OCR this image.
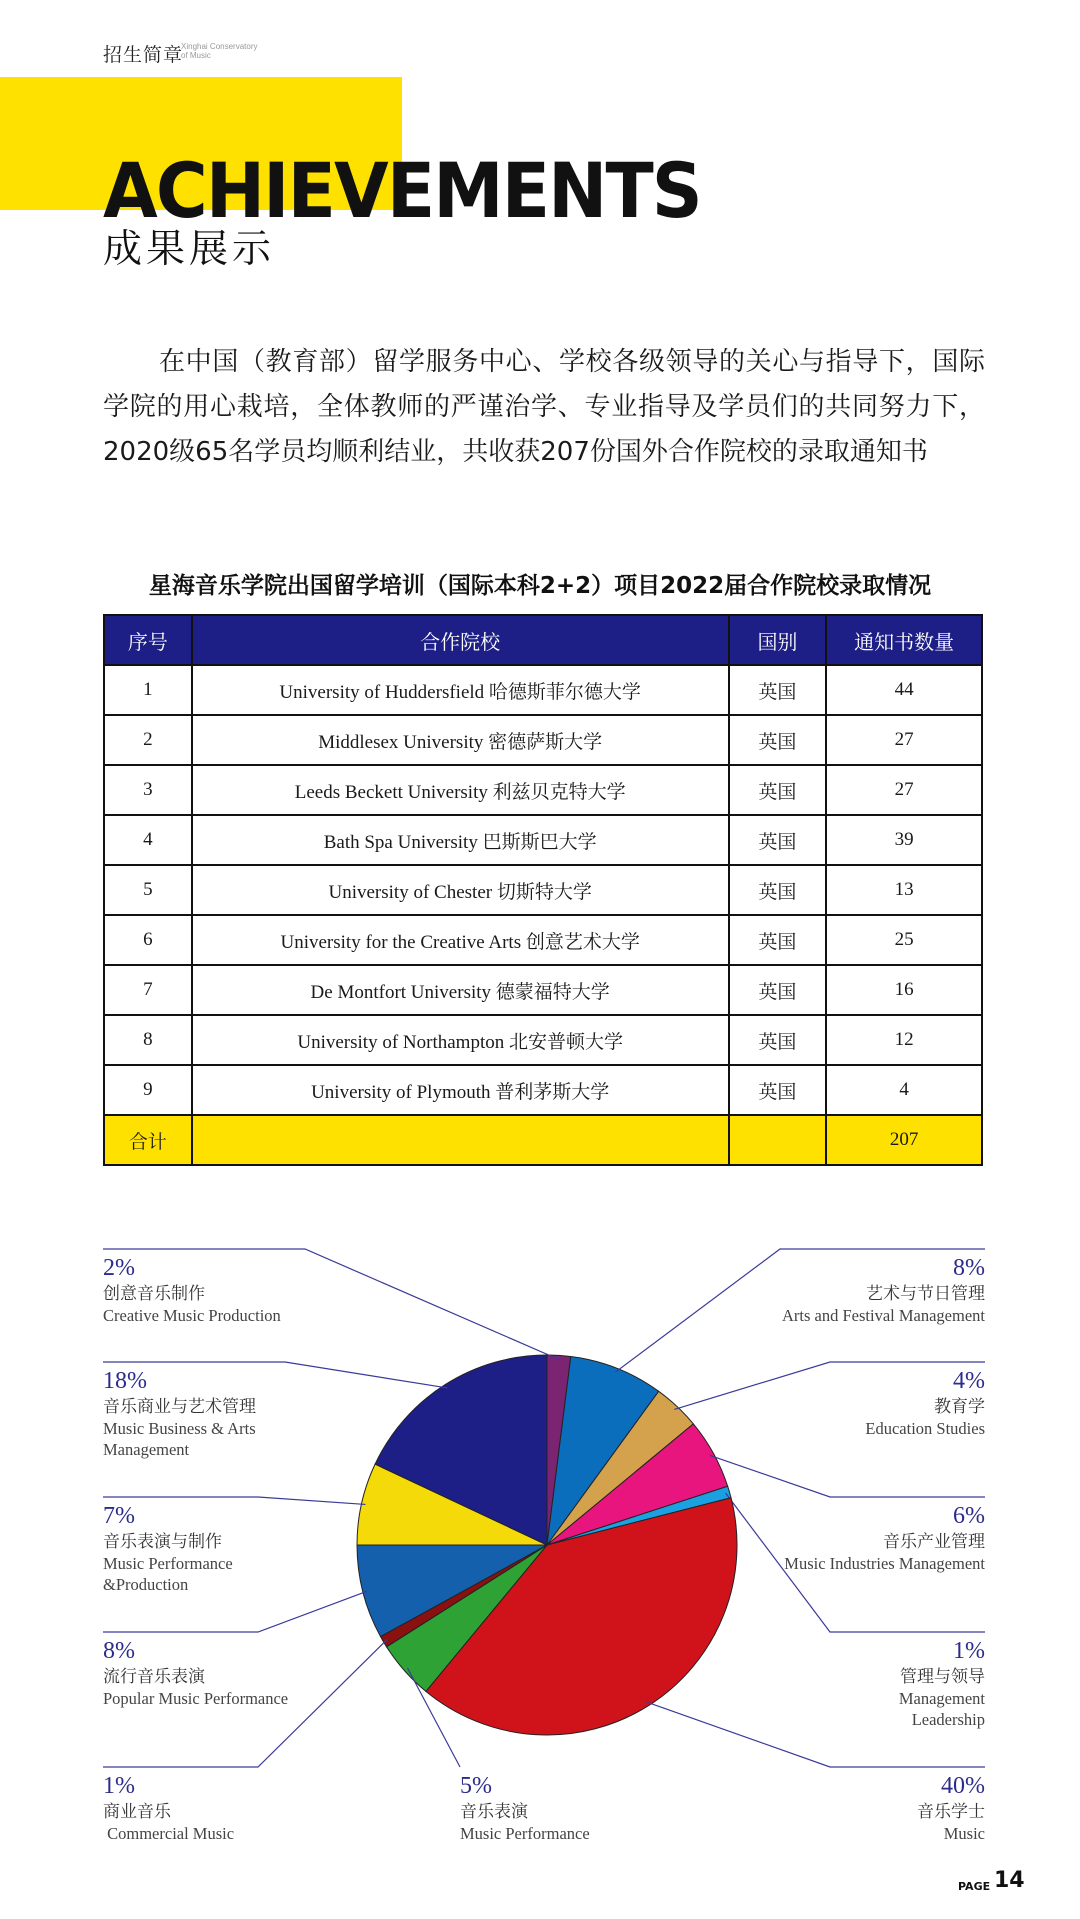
招生简章
Xinghai Conservatory
of Music
ACHIEVEMENTS
成果展示

在中国（教育部）留学服务中心、学校各级领导的关心与指导下，国际学院的用心栽培，全体教师的严谨治学、专业指导及学员们的共同努力下，2020级65名学员均顺利结业，共收获207份国外合作院校的录取通知书

星海音乐学院出国留学培训（国际本科2+2）项目2022届合作院校录取情况
序号	合作院校	国别	通知书数量
1	University of Huddersfield 哈德斯菲尔德大学	英国	44
2	Middlesex University 密德萨斯大学	英国	27
3	Leeds Beckett University 利兹贝克特大学	英国	27
4	Bath Spa University 巴斯斯巴大学	英国	39
5	University of Chester 切斯特大学	英国	13
6	University for the Creative Arts 创意艺术大学	英国	25
7	De Montfort University 德蒙福特大学	英国	16
8	University of Northampton 北安普顿大学	英国	12
9	University of Plymouth 普利茅斯大学	英国	4
合计			207
2%
创意音乐制作
Creative Music Production
8%
艺术与节日管理
Arts and Festival Management
4%
教育学
Education Studies
6%
音乐产业管理
Music Industries Management
1%
管理与领导
Management
Leadership
40%
音乐学士
Music
5%
音乐表演
Music Performance
1%
商业音乐
Commercial Music
8%
流行音乐表演
Popular Music Performance
7%
音乐表演与制作
Music Performance
&Production
18%
音乐商业与艺术管理
Music Business & Arts
Management
PAGE 14
